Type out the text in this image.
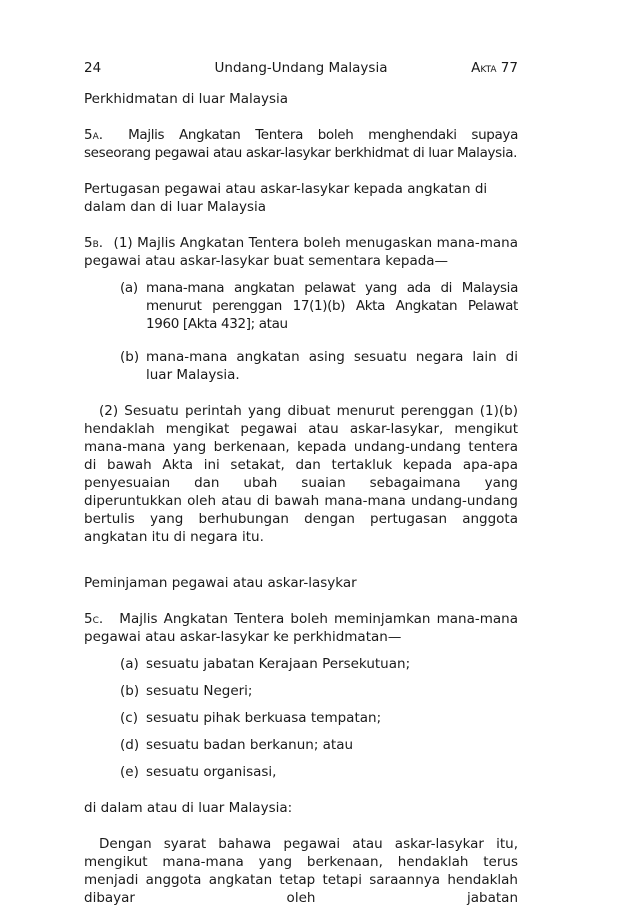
24	Undang-Undang Malaysia	Akta 77

Perkhidmatan di luar Malaysia

5a. Majlis Angkatan Tentera boleh menghendaki supaya seseorang pegawai atau askar-lasykar berkhidmat di luar Malaysia.

Pertugasan pegawai atau askar-lasykar kepada angkatan di dalam dan di luar Malaysia

5b. (1) Majlis Angkatan Tentera boleh menugaskan mana-mana pegawai atau askar-lasykar buat sementara kepada—

(a) mana-mana angkatan pelawat yang ada di Malaysia menurut perenggan 17(1)(b) Akta Angkatan Pelawat 1960 [Akta 432]; atau

(b) mana-mana angkatan asing sesuatu negara lain di luar Malaysia.

(2) Sesuatu perintah yang dibuat menurut perenggan (1)(b) hendaklah mengikat pegawai atau askar-lasykar, mengikut mana-mana yang berkenaan, kepada undang-undang tentera di bawah Akta ini setakat, dan tertakluk kepada apa-apa penyesuaian dan ubah suaian sebagaimana yang diperuntukkan oleh atau di bawah mana-mana undang-undang bertulis yang berhubungan dengan pertugasan anggota angkatan itu di negara itu.

Peminjaman pegawai atau askar-lasykar

5c. Majlis Angkatan Tentera boleh meminjamkan mana-mana pegawai atau askar-lasykar ke perkhidmatan—

(a) sesuatu jabatan Kerajaan Persekutuan;

(b) sesuatu Negeri;

(c) sesuatu pihak berkuasa tempatan;

(d) sesuatu badan berkanun; atau

(e) sesuatu organisasi,

di dalam atau di luar Malaysia:

Dengan syarat bahawa pegawai atau askar-lasykar itu, mengikut mana-mana yang berkenaan, hendaklah terus menjadi anggota angkatan tetap tetapi saraannya hendaklah dibayar oleh jabatan
